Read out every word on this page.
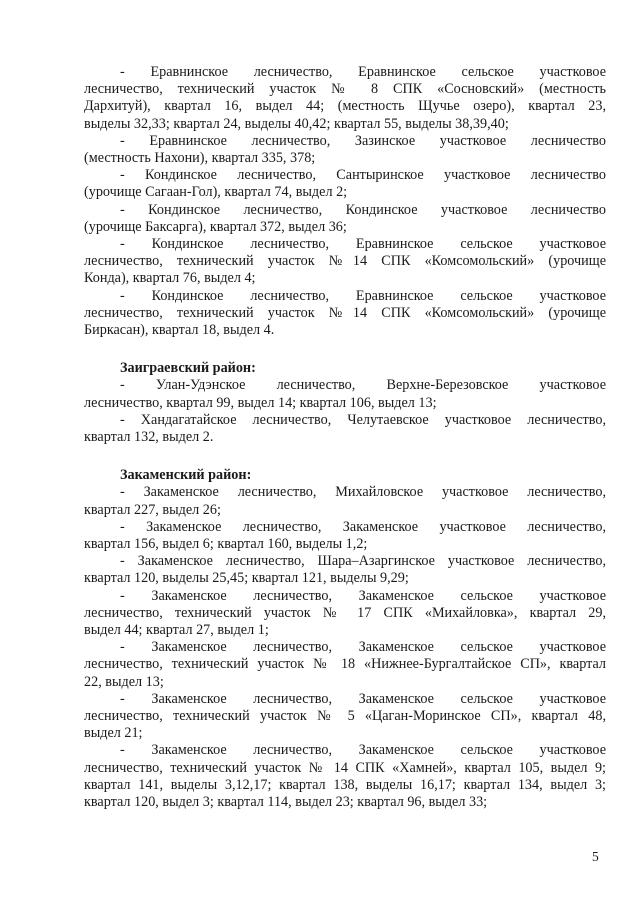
- Еравнинское лесничество, Еравнинское сельское участковое
лесничество, технический участок № 8 СПК «Сосновский» (местность
Дархитуй), квартал 16, выдел 44; (местность Щучье озеро), квартал 23,
выделы 32,33; квартал 24, выделы 40,42; квартал 55, выделы 38,39,40;
- Еравнинское лесничество, Зазинское участковое лесничество
(местность Нахони), квартал 335, 378;
- Кондинское лесничество, Сантыринское участковое лесничество
(урочище Сагаан-Гол), квартал 74, выдел 2;
- Кондинское лесничество, Кондинское участковое лесничество
(урочище Баксарга), квартал 372, выдел 36;
- Кондинское лесничество, Еравнинское сельское участковое
лесничество, технический участок №14 СПК «Комсомольский» (урочище
Конда), квартал 76, выдел 4;
- Кондинское лесничество, Еравнинское сельское участковое
лесничество, технический участок №14 СПК «Комсомольский» (урочище
Биркасан), квартал 18, выдел 4.
Заиграевский район:
- Улан-Удэнское лесничество, Верхне-Березовское участковое
лесничество, квартал 99, выдел 14; квартал 106, выдел 13;
- Хандагатайское лесничество, Челутаевское участковое лесничество,
квартал 132, выдел 2.
Закаменский район:
- Закаменское лесничество, Михайловское участковое лесничество,
квартал 227, выдел 26;
- Закаменское лесничество, Закаменское участковое лесничество,
квартал 156, выдел 6; квартал 160, выделы 1,2;
- Закаменское лесничество, Шара–Азаргинское участковое лесничество,
квартал 120, выделы 25,45; квартал 121, выделы 9,29;
- Закаменское лесничество, Закаменское сельское участковое
лесничество, технический участок № 17 СПК «Михайловка», квартал 29,
выдел 44; квартал 27, выдел 1;
- Закаменское лесничество, Закаменское сельское участковое
лесничество, технический участок № 18 «Нижнее-Бургалтайское СП», квартал
22, выдел 13;
- Закаменское лесничество, Закаменское сельское участковое
лесничество, технический участок № 5 «Цаган-Моринское СП», квартал 48,
выдел 21;
- Закаменское лесничество, Закаменское сельское участковое
лесничество, технический участок № 14 СПК «Хамней», квартал 105, выдел 9;
квартал 141, выделы 3,12,17; квартал 138, выделы 16,17; квартал 134, выдел 3;
квартал 120, выдел 3; квартал 114, выдел 23; квартал 96, выдел 33;
5
